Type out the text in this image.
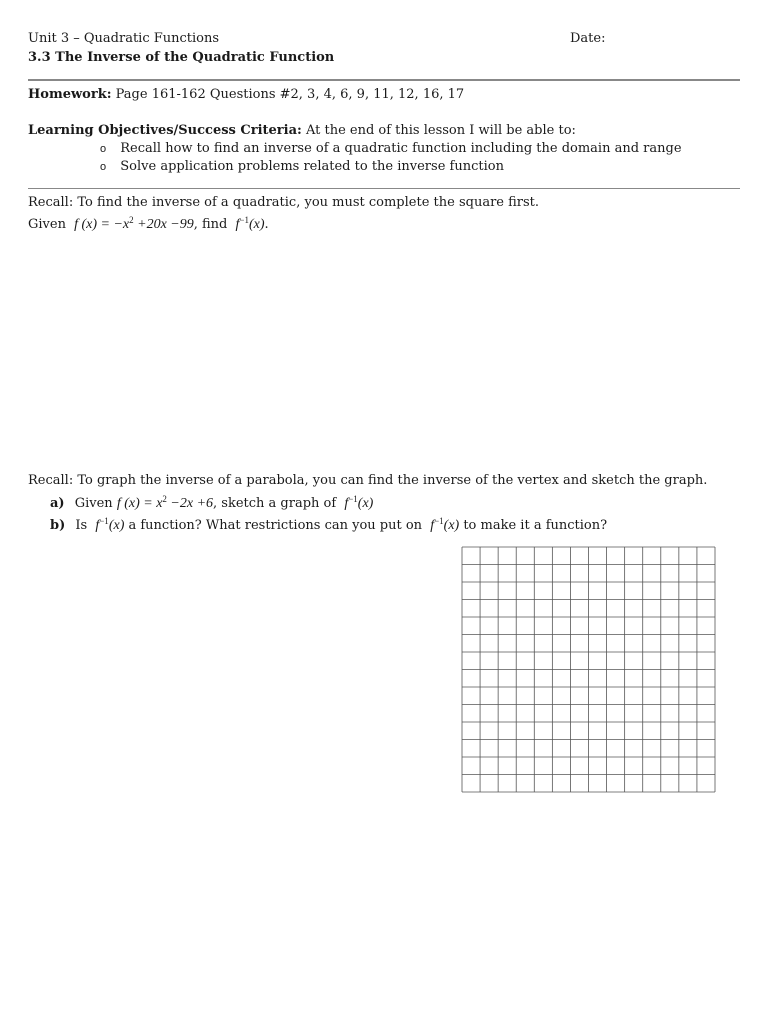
Unit 3 – Quadratic Functions	Date:
3.3 The Inverse of the Quadratic Function
Homework: Page 161-162 Questions #2, 3, 4, 6, 9, 11, 12, 16, 17
Learning Objectives/Success Criteria: At the end of this lesson I will be able to:
o Recall how to find an inverse of a quadratic function including the domain and range
o Solve application problems related to the inverse function
Recall: To find the inverse of a quadratic, you must complete the square first.
Given f $(x) = -x^2 +20x -99$, find $f^{-1}(x)$.
Recall: To graph the inverse of a parabola, you can find the inverse of the vertex and sketch the graph.
a) Given f $(x) = x^2 -2x +6$, sketch a graph of $f^{-1}(x)$
b) Is $f^{-1}(x)$ a function? What restrictions can you put on $f^{-1}(x)$ to make it a function?
